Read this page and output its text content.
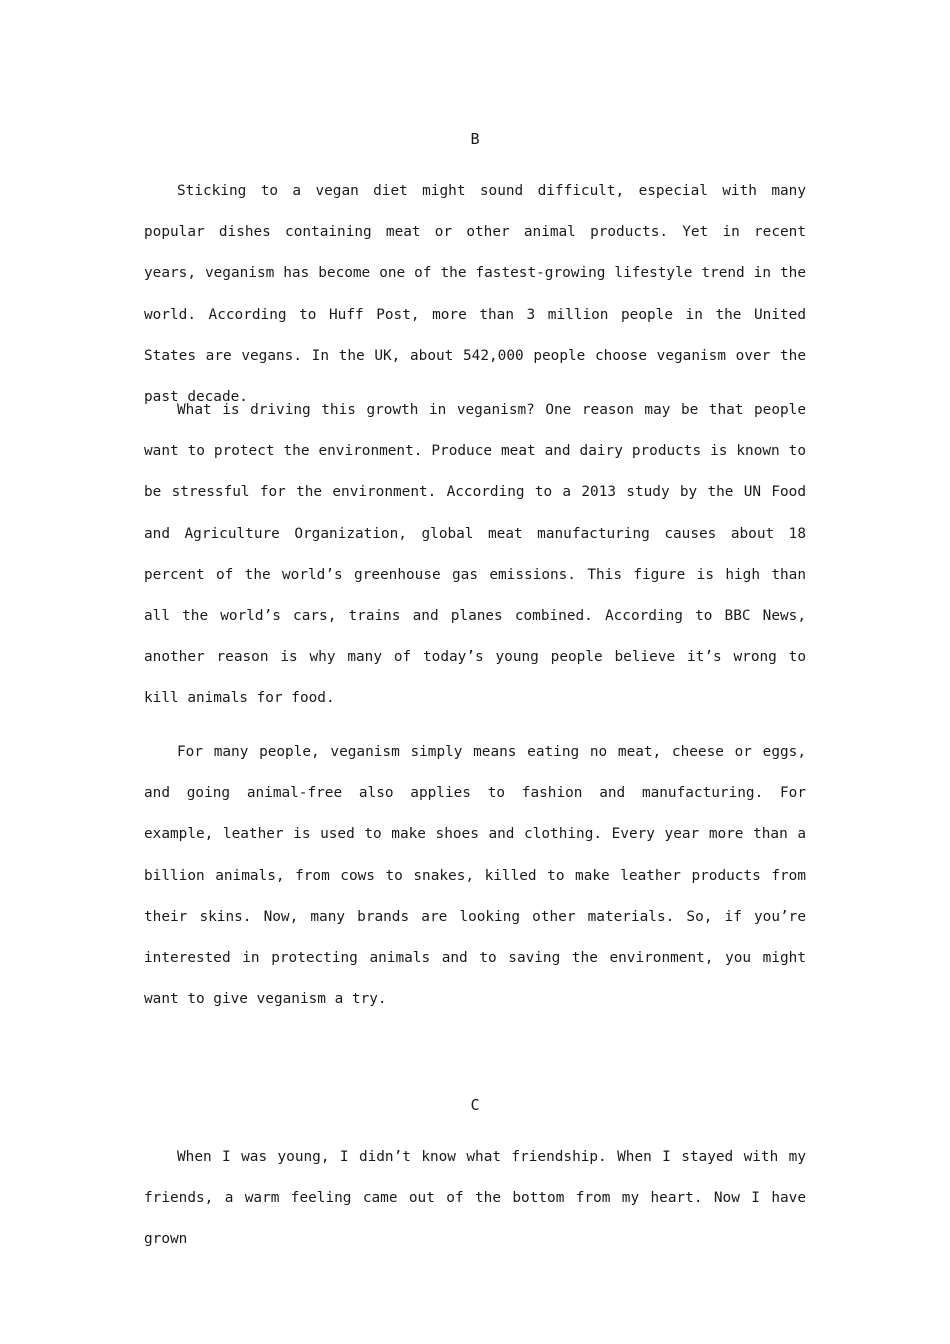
B

Sticking to a vegan diet might sound difficult, especial with many popular dishes containing meat or other animal products. Yet in recent years, veganism has become one of the fastest-growing lifestyle trend in the world. According to Huff Post, more than 3 million people in the United States are vegans. In the UK, about 542,000 people choose veganism over the past decade.

What is driving this growth in veganism? One reason may be that people want to protect the environment. Produce meat and dairy products is known to be stressful for the environment. According to a 2013 study by the UN Food and Agriculture Organization, global meat manufacturing causes about 18 percent of the world’s greenhouse gas emissions. This figure is high than all the world’s cars, trains and planes combined. According to BBC News, another reason is why many of today’s young people believe it’s wrong to kill animals for food.

For many people, veganism simply means eating no meat, cheese or eggs, and going animal-free also applies to fashion and manufacturing. For example, leather is used to make shoes and clothing. Every year more than a billion animals, from cows to snakes, killed to make leather products from their skins. Now, many brands are looking other materials. So, if you’re interested in protecting animals and to saving the environment, you might want to give veganism a try.

C

When I was young, I didn’t know what friendship. When I stayed with my friends, a warm feeling came out of the bottom from my heart. Now I have grown
